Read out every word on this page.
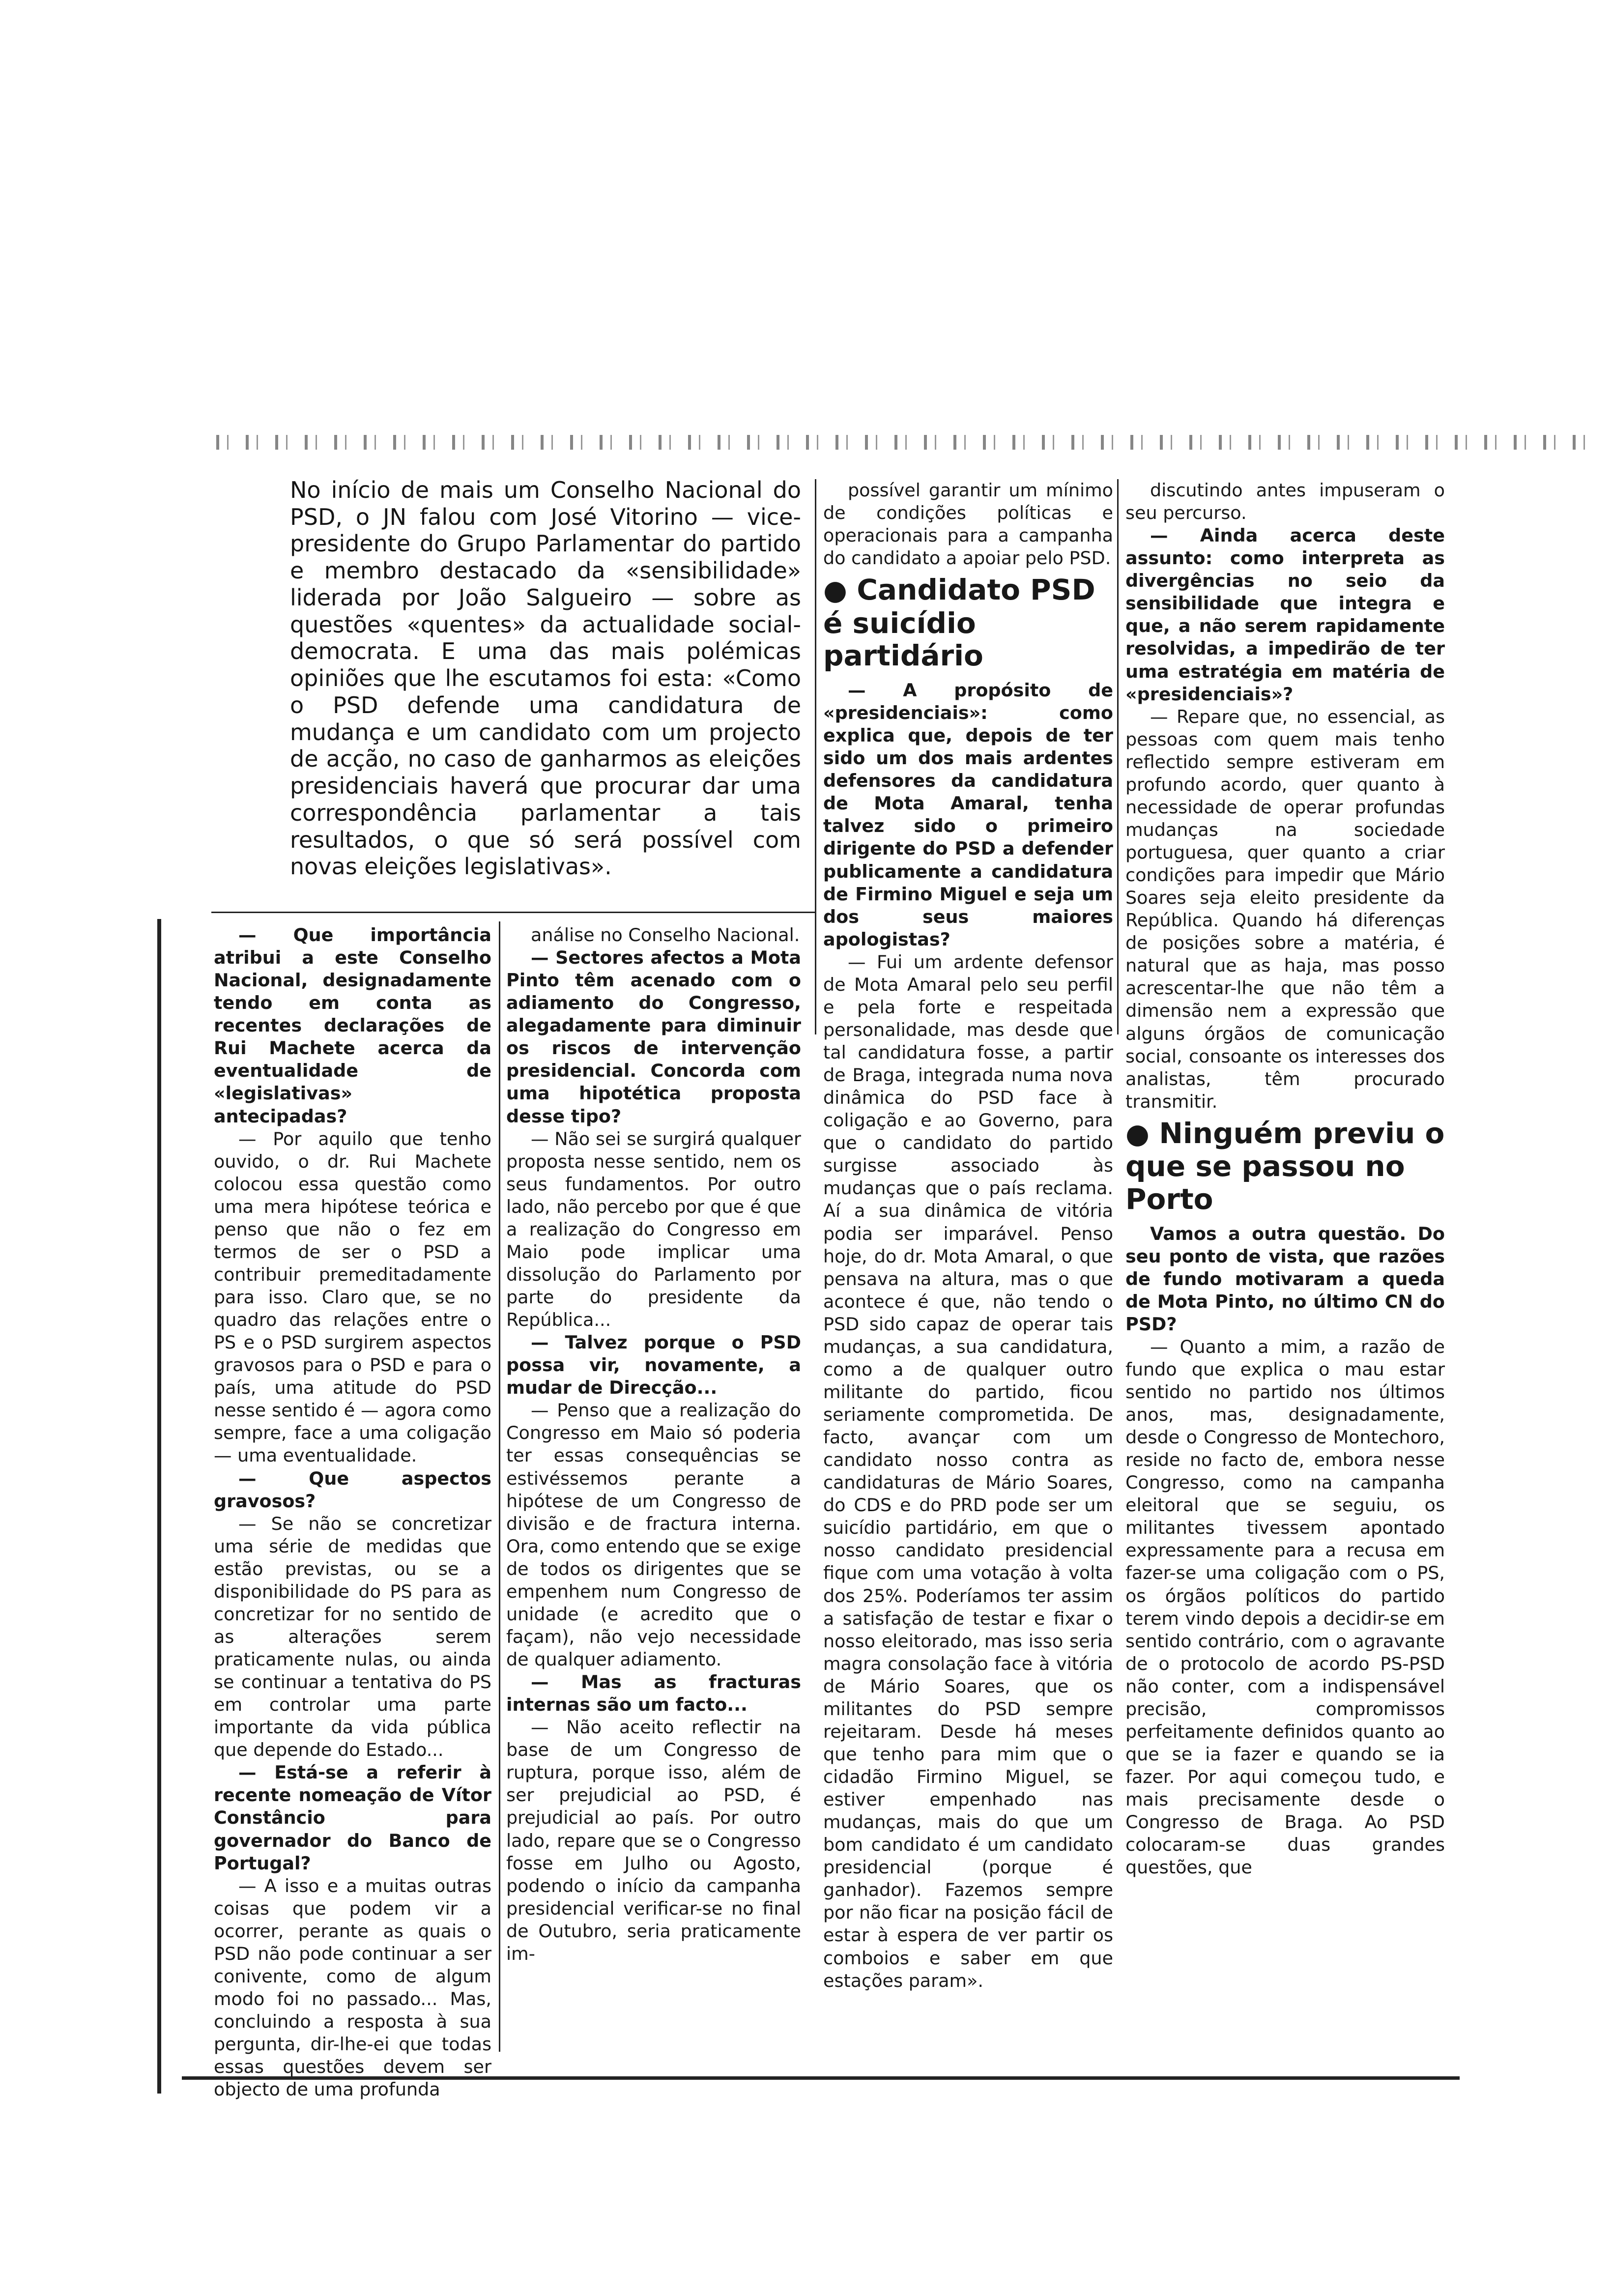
No início de mais um Conselho Nacional do PSD, o JN falou com José Vitorino — vice-presidente do Grupo Parlamentar do partido e membro destacado da «sensibilidade» liderada por João Salgueiro — sobre as questões «quentes» da actualidade social-democrata. E uma das mais polémicas opiniões que lhe escutamos foi esta: «Como o PSD defende uma candidatura de mudança e um candidato com um projecto de acção, no caso de ganharmos as eleições presidenciais haverá que procurar dar uma correspondência parlamentar a tais resultados, o que só será possível com novas eleições legislativas».

— Que importância atribui a este Conselho Nacional, designadamente tendo em conta as recentes declarações de Rui Machete acerca da eventualidade de «legislativas» antecipadas?

— Por aquilo que tenho ouvido, o dr. Rui Machete colocou essa questão como uma mera hipótese teórica e penso que não o fez em termos de ser o PSD a contribuir premeditadamente para isso. Claro que, se no quadro das relações entre o PS e o PSD surgirem aspectos gravosos para o PSD e para o país, uma atitude do PSD nesse sentido é — agora como sempre, face a uma coligação — uma eventualidade.

— Que aspectos gravosos?

— Se não se concretizar uma série de medidas que estão previstas, ou se a disponibilidade do PS para as concretizar for no sentido de as alterações serem praticamente nulas, ou ainda se continuar a tentativa do PS em controlar uma parte importante da vida pública que depende do Estado...

— Está-se a referir à recente nomeação de Vítor Constâncio para governador do Banco de Portugal?

— A isso e a muitas outras coisas que podem vir a ocorrer, perante as quais o PSD não pode continuar a ser conivente, como de algum modo foi no passado... Mas, concluindo a resposta à sua pergunta, dir-lhe-ei que todas essas questões devem ser objecto de uma profunda

análise no Conselho Nacional.

— Sectores afectos a Mota Pinto têm acenado com o adiamento do Congresso, alegadamente para diminuir os riscos de intervenção presidencial. Concorda com uma hipotética proposta desse tipo?

— Não sei se surgirá qualquer proposta nesse sentido, nem os seus fundamentos. Por outro lado, não percebo por que é que a realização do Congresso em Maio pode implicar uma dissolução do Parlamento por parte do presidente da República...

— Talvez porque o PSD possa vir, novamente, a mudar de Direcção...

— Penso que a realização do Congresso em Maio só poderia ter essas consequências se estivéssemos perante a hipótese de um Congresso de divisão e de fractura interna. Ora, como entendo que se exige de todos os dirigentes que se empenhem num Congresso de unidade (e acredito que o façam), não vejo necessidade de qualquer adiamento.

— Mas as fracturas internas são um facto...

— Não aceito reflectir na base de um Congresso de ruptura, porque isso, além de ser prejudicial ao PSD, é prejudicial ao país. Por outro lado, repare que se o Congresso fosse em Julho ou Agosto, podendo o início da campanha presidencial verificar-se no final de Outubro, seria praticamente im-

possível garantir um mínimo de condições políticas e operacionais para a campanha do candidato a apoiar pelo PSD.

● Candidato PSD é suicídio partidário

— A propósito de «presidenciais»: como explica que, depois de ter sido um dos mais ardentes defensores da candidatura de Mota Amaral, tenha talvez sido o primeiro dirigente do PSD a defender publicamente a candidatura de Firmino Miguel e seja um dos seus maiores apologistas?

— Fui um ardente defensor de Mota Amaral pelo seu perfil e pela forte e respeitada personalidade, mas desde que tal candidatura fosse, a partir de Braga, integrada numa nova dinâmica do PSD face à coligação e ao Governo, para que o candidato do partido surgisse associado às mudanças que o país reclama. Aí a sua dinâmica de vitória podia ser imparável. Penso hoje, do dr. Mota Amaral, o que pensava na altura, mas o que acontece é que, não tendo o PSD sido capaz de operar tais mudanças, a sua candidatura, como a de qualquer outro militante do partido, ficou seriamente comprometida. De facto, avançar com um candidato nosso contra as candidaturas de Mário Soares, do CDS e do PRD pode ser um suicídio partidário, em que o nosso candidato presidencial fique com uma votação à volta dos 25%. Poderíamos ter assim a satisfação de testar e fixar o nosso eleitorado, mas isso seria magra consolação face à vitória de Mário Soares, que os militantes do PSD sempre rejeitaram. Desde há meses que tenho para mim que o cidadão Firmino Miguel, se estiver empenhado nas mudanças, mais do que um bom candidato é um candidato presidencial (porque é ganhador). Fazemos sempre por não ficar na posição fácil de estar à espera de ver partir os comboios e saber em que estações param».

discutindo antes impuseram o seu percurso.

— Ainda acerca deste assunto: como interpreta as divergências no seio da sensibilidade que integra e que, a não serem rapidamente resolvidas, a impedirão de ter uma estratégia em matéria de «presidenciais»?

— Repare que, no essencial, as pessoas com quem mais tenho reflectido sempre estiveram em profundo acordo, quer quanto à necessidade de operar profundas mudanças na sociedade portuguesa, quer quanto a criar condições para impedir que Mário Soares seja eleito presidente da República. Quando há diferenças de posições sobre a matéria, é natural que as haja, mas posso acrescentar-lhe que não têm a dimensão nem a expressão que alguns órgãos de comunicação social, consoante os interesses dos analistas, têm procurado transmitir.

● Ninguém previu o que se passou no Porto

Vamos a outra questão. Do seu ponto de vista, que razões de fundo motivaram a queda de Mota Pinto, no último CN do PSD?

— Quanto a mim, a razão de fundo que explica o mau estar sentido no partido nos últimos anos, mas, designadamente, desde o Congresso de Montechoro, reside no facto de, embora nesse Congresso, como na campanha eleitoral que se seguiu, os militantes tivessem apontado expressamente para a recusa em fazer-se uma coligação com o PS, os órgãos políticos do partido terem vindo depois a decidir-se em sentido contrário, com o agravante de o protocolo de acordo PS-PSD não conter, com a indispensável precisão, compromissos perfeitamente definidos quanto ao que se ia fazer e quando se ia fazer. Por aqui começou tudo, e mais precisamente desde o Congresso de Braga. Ao PSD colocaram-se duas grandes questões, que
